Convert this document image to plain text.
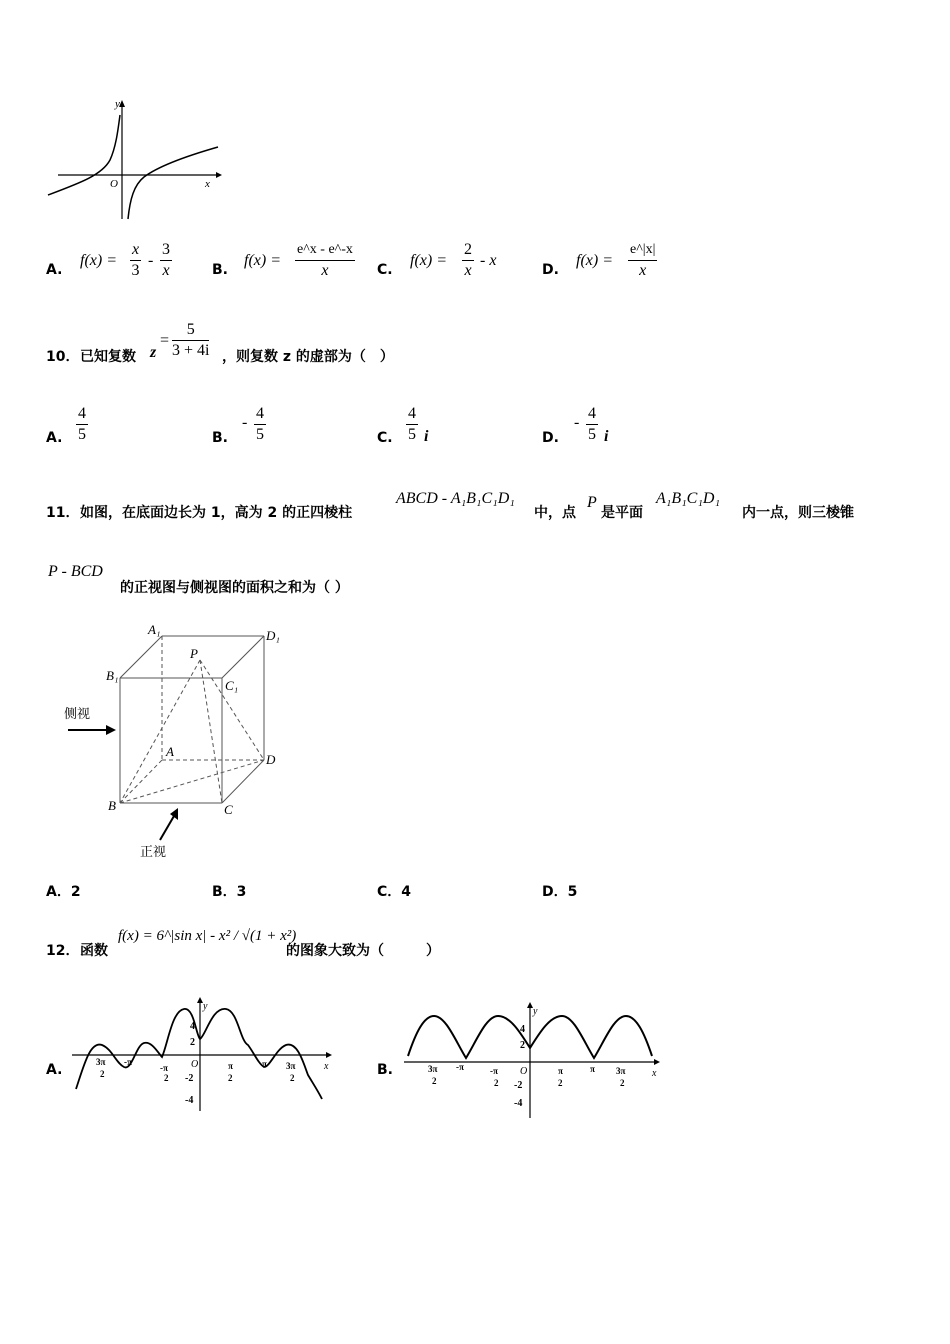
y
x
O
A.
$f(x) = \frac{x}{3} - \frac{3}{x}$	B.
$f(x) = \frac{e\^{}x - e\^{}-x}{x} C$.
$f(x) = \frac{2}{x} - x$
D.
$f(x) = \frac{e\^{}|x|}{x}$
10． 已知复数 z
= $\frac{5}{3 + 4i}$ ，则复数 z 的虚部为（　）
A. $\frac{4}{5}$	B.
- $\frac{4}{5}$	C. $\frac{4}{5}$ i	D.
- $\frac{4}{5}$ i
11． 如图，在底面边长为 1，高为 2 的正四棱柱
ABCD - A₁B₁C₁D₁
中，点
P
是平面
A₁B₁C₁D₁
内一点，则三棱锥
P - BCD
的正视图与侧视图的面积之和为（ ）
A₁	D₁
B₁
C₁
P
A
D
B	C
侧视
正视
A．2	B．3	C．4	D．5
12． 函数
f(x) = 6^|sin x| - x² / √(1 + x²)
的图象大致为（　　　）
A.
y
x
O
4
2
-2
-4
3π
2
-π
-π
2
π
2
π 3π
2	B.
y
x
O
4
2
-2
-4
3π
2
-π	-π
2
π
2
π 3π
2
